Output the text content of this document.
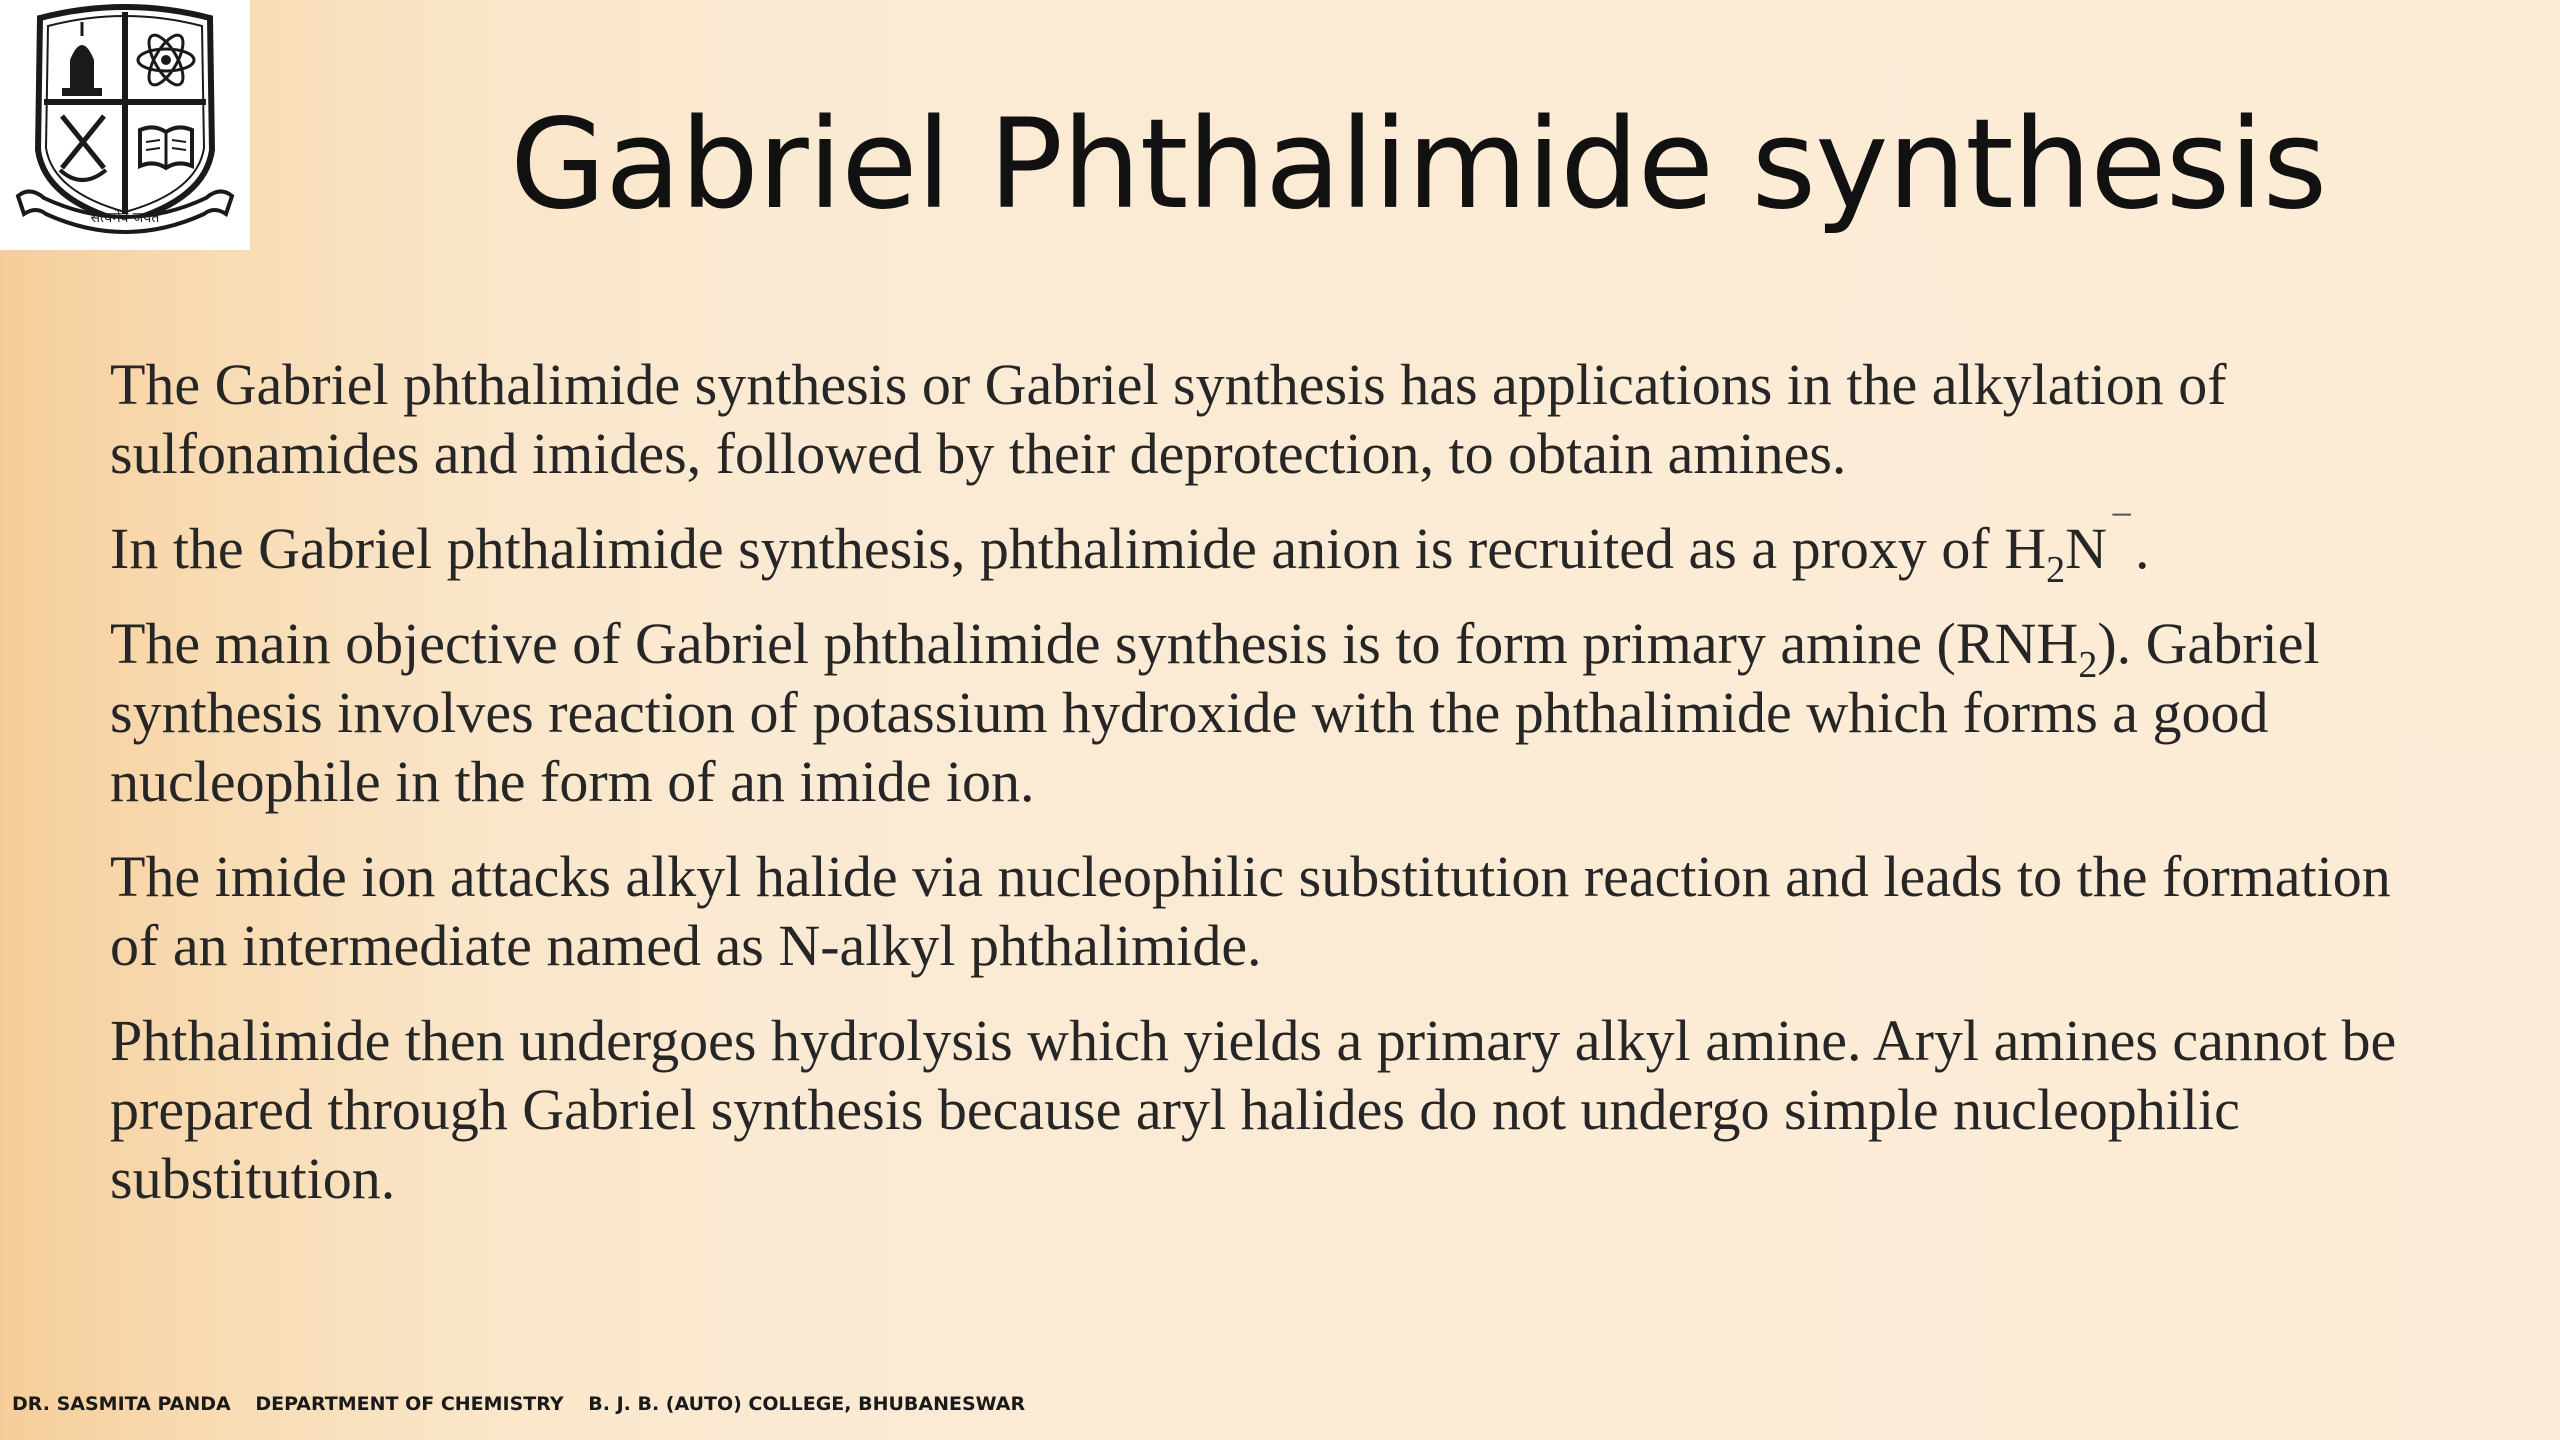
सत्यमेव जयते	Gabriel Phthalimide synthesis

The Gabriel phthalimide synthesis or Gabriel synthesis has applications in the alkylation of sulfonamides and imides, followed by their deprotection, to obtain amines.

In the Gabriel phthalimide synthesis, phthalimide anion is recruited as a proxy of $H_2N$
−
.

The main objective of Gabriel phthalimide synthesis is to form primary amine $(RNH_2)$. Gabriel synthesis involves reaction of potassium hydroxide with the phthalimide which forms a good nucleophile in the form of an imide ion.

The imide ion attacks alkyl halide via nucleophilic substitution reaction and leads to the formation of an intermediate named as N-alkyl phthalimide.

Phthalimide then undergoes hydrolysis which yields a primary alkyl amine. Aryl amines cannot be prepared through Gabriel synthesis because aryl halides do not undergo simple nucleophilic substitution.

DR. SASMITA PANDA DEPARTMENT OF CHEMISTRY B. J. B. (AUTO) COLLEGE, BHUBANESWAR
